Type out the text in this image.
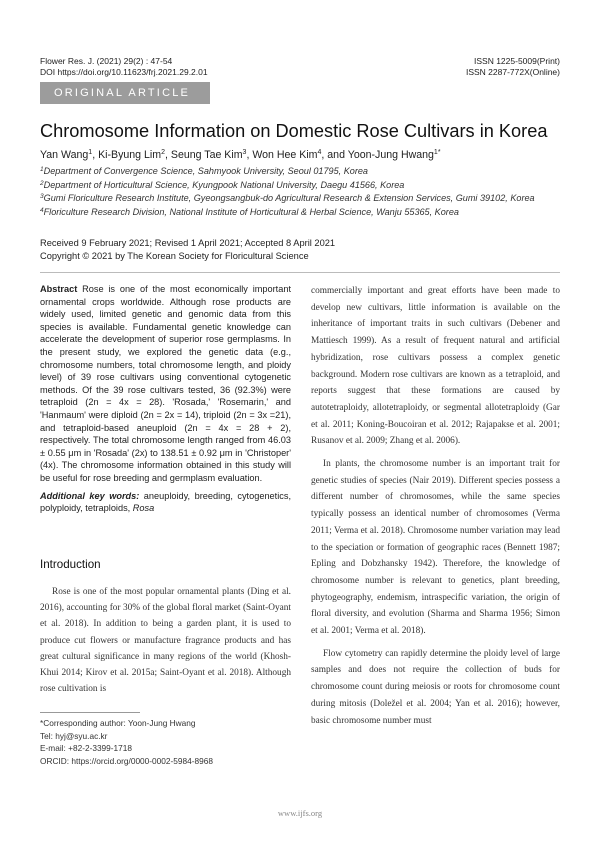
Flower Res. J. (2021) 29(2) : 47-54
DOI https://doi.org/10.11623/frj.2021.29.2.01
ISSN 1225-5009(Print)
ISSN 2287-772X(Online)
ORIGINAL ARTICLE
Chromosome Information on Domestic Rose Cultivars in Korea
Yan Wang$^1$, Ki-Byung Lim$^2$, Seung Tae Kim$^3$, Won Hee Kim$^4$, and Yoon-Jung Hwang$^{1*}$
$^1$Department of Convergence Science, Sahmyook University, Seoul 01795, Korea
$^2$Department of Horticultural Science, Kyungpook National University, Daegu 41566, Korea
$^3$Gumi Floriculture Research Institute, Gyeongsangbuk-do Agricultural Research & Extension Services, Gumi 39102, Korea
$^4$Floriculture Research Division, National Institute of Horticultural & Herbal Science, Wanju 55365, Korea
Received 9 February 2021; Revised 1 April 2021; Accepted 8 April 2021
Copyright © 2021 by The Korean Society for Floricultural Science
Abstract Rose is one of the most economically important ornamental crops worldwide. Although rose products are widely used, limited genetic and genomic data from this species is available. Fundamental genetic knowledge can accelerate the development of superior rose germplasms. In the present study, we explored the genetic data (e.g., chromosome numbers, total chromosome length, and ploidy level) of 39 rose cultivars using conventional cytogenetic methods. Of the 39 rose cultivars tested, 36 (92.3%) were tetraploid (2n = 4x = 28). 'Rosada,' 'Rosemarin,' and 'Hanmaum' were diploid (2n = 2x = 14), triploid (2n = 3x =21), and tetraploid-based aneuploid (2n = 4x = 28 + 2), respectively. The total chromosome length ranged from 46.03 ± 0.55 μm in 'Rosada' (2x) to 138.51 ± 0.92 μm in 'Christoper' (4x). The chromosome information obtained in this study will be useful for rose breeding and germplasm evaluation.
Additional key words: aneuploidy, breeding, cytogenetics, polyploidy, tetraploids, Rosa
Introduction

Rose is one of the most popular ornamental plants (Ding et al. 2016), accounting for 30% of the global floral market (Saint-Oyant et al. 2018). In addition to being a garden plant, it is used to produce cut flowers or manufacture fragrance products and has great cultural significance in many regions of the world (Khosh-Khui 2014; Kirov et al. 2015a; Saint-Oyant et al. 2018). Although rose cultivation is

*Corresponding author: Yoon-Jung Hwang
Tel: hyj@syu.ac.kr
E-mail: +82-2-3399-1718
ORCID: https://orcid.org/0000-0002-5984-8968

commercially important and great efforts have been made to develop new cultivars, little information is available on the inheritance of important traits in such cultivars (Debener and Mattiesch 1999). As a result of frequent natural and artificial hybridization, rose cultivars possess a complex genetic background. Modern rose cultivars are known as a tetraploid, and reports suggest that these formations are caused by autotetraploidy, allotetraploidy, or segmental allotetraploidy (Gar et al. 2011; Koning-Boucoiran et al. 2012; Rajapakse et al. 2001; Rusanov et al. 2009; Zhang et al. 2006).

In plants, the chromosome number is an important trait for genetic studies of species (Nair 2019). Different species possess a different number of chromosomes, while the same species typically possess an identical number of chromosomes (Verma 2011; Verma et al. 2018). Chromosome number variation may lead to the speciation or formation of geographic races (Bennett 1987; Epling and Dobzhansky 1942). Therefore, the knowledge of chromosome number is relevant to genetics, plant breeding, phytogeography, endemism, intraspecific variation, the origin of floral diversity, and evolution (Sharma and Sharma 1956; Simon et al. 2001; Verma et al. 2018).

Flow cytometry can rapidly determine the ploidy level of large samples and does not require the collection of buds for chromosome count during meiosis or roots for chromosome count during mitosis (Doležel et al. 2004; Yan et al. 2016); however, basic chromosome number must

www.ijfs.org
